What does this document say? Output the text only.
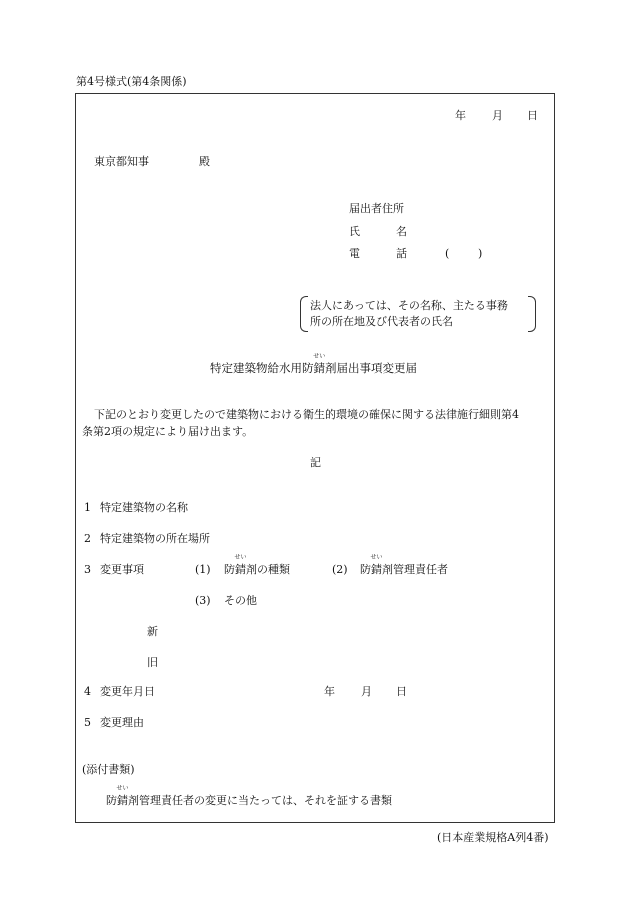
第4号様式(第4条関係)
年 月 日
東京都知事	殿
届出者住所
氏	名
電	話	(	)
法人にあっては、その名称、主たる事務
所の所在地及び代表者の氏名
特定建築物給水用防錆
せい
剤届出事項変更届
下記のとおり変更したので建築物における衛生的環境の確保に関する法律施行細則第4
条第2項の規定により届け出ます。
記
1 特定建築物の名称
2 特定建築物の所在場所
3 変更事項	(1) 防錆
せい
剤の種類	(2) 防錆
せい
剤管理責任者
(3) その他
新
旧
4 変更年月日	年 月 日
5 変更理由
(添付書類)
防錆
せい
剤管理責任者の変更に当たっては、それを証する書類
(日本産業規格A列4番)
